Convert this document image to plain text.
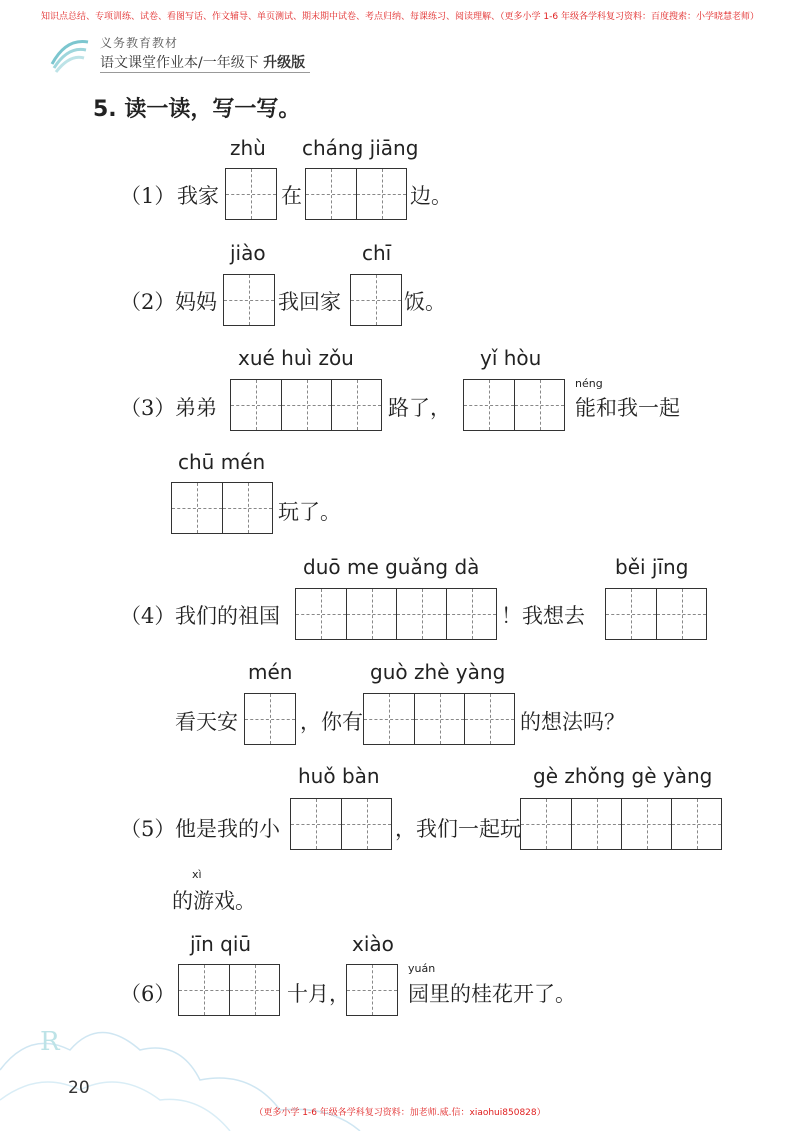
知识点总结、专项训练、试卷、看图写话、作文辅导、单页测试、期末期中试卷、考点归纳、每课练习、阅读理解、（更多小学 1-6 年级各学科复习资料：百度搜索：小学晓慧老师）
义务教育教材
语文课堂作业本/一年级下 升级版
5. 读一读，写一写。
zhù cháng jiāng
（1） 我家	在	边。
jiào	chī
（2） 妈妈	我回家	饭。
xué huì zǒu	yǐ hòu
（3） 弟弟	路了，
néng
能和我一起
chū mén
玩了。
duō me guǎng dà	běi jīng
（4） 我们的祖国	！我想去
mén	guò zhè yàng
看天安	，你有	的想法吗？
huǒ bàn	gè zhǒng gè yàng
（5） 他是我的小	，我们一起玩
xì
的游戏。
jīn qiū	xiào
（6）	十月，
yuán
园里的桂花开了。
R
20
（更多小学 1-6 年级各学科复习资料：加老师.威.信：xiaohui850828）
